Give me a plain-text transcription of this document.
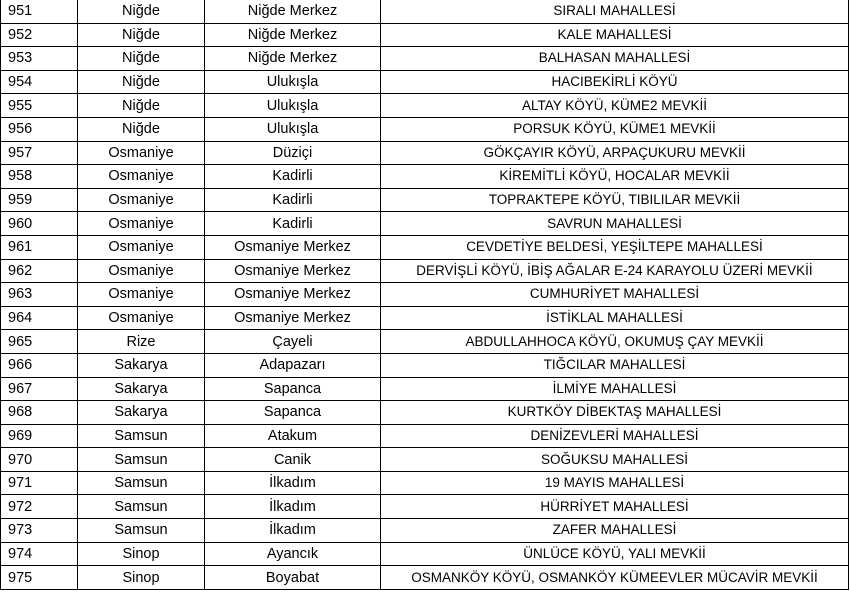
951	Niğde	Niğde Merkez	SIRALI MAHALLESİ
952	Niğde	Niğde Merkez	KALE MAHALLESİ
953	Niğde	Niğde Merkez	BALHASAN MAHALLESİ
954	Niğde	Ulukışla	HACIBEKİRLİ KÖYÜ
955	Niğde	Ulukışla	ALTAY KÖYÜ, KÜME2 MEVKİİ
956	Niğde	Ulukışla	PORSUK KÖYÜ, KÜME1 MEVKİİ
957	Osmaniye	Düziçi	GÖKÇAYIR KÖYÜ, ARPAÇUKURU MEVKİİ
958	Osmaniye	Kadirli	KİREMİTLİ KÖYÜ, HOCALAR MEVKİİ
959	Osmaniye	Kadirli	TOPRAKTEPE KÖYÜ, TIBILILAR MEVKİİ
960	Osmaniye	Kadirli	SAVRUN MAHALLESİ
961	Osmaniye	Osmaniye Merkez	CEVDETİYE BELDESİ, YEŞİLTEPE MAHALLESİ
962	Osmaniye	Osmaniye Merkez	DERVİŞLİ KÖYÜ, İBİŞ AĞALAR E-24 KARAYOLU ÜZERİ MEVKİİ
963	Osmaniye	Osmaniye Merkez	CUMHURİYET MAHALLESİ
964	Osmaniye	Osmaniye Merkez	İSTİKLAL MAHALLESİ
965	Rize	Çayeli	ABDULLAHHOCA KÖYÜ, OKUMUŞ ÇAY MEVKİİ
966	Sakarya	Adapazarı	TIĞCILAR MAHALLESİ
967	Sakarya	Sapanca	İLMİYE MAHALLESİ
968	Sakarya	Sapanca	KURTKÖY DİBEKTAŞ MAHALLESİ
969	Samsun	Atakum	DENİZEVLERİ MAHALLESİ
970	Samsun	Canik	SOĞUKSU MAHALLESİ
971	Samsun	İlkadım	19 MAYIS MAHALLESİ
972	Samsun	İlkadım	HÜRRİYET MAHALLESİ
973	Samsun	İlkadım	ZAFER MAHALLESİ
974	Sinop	Ayancık	ÜNLÜCE KÖYÜ, YALI MEVKİİ
975	Sinop	Boyabat	OSMANKÖY KÖYÜ, OSMANKÖY KÜMEEVLER MÜCAVİR MEVKİİ
